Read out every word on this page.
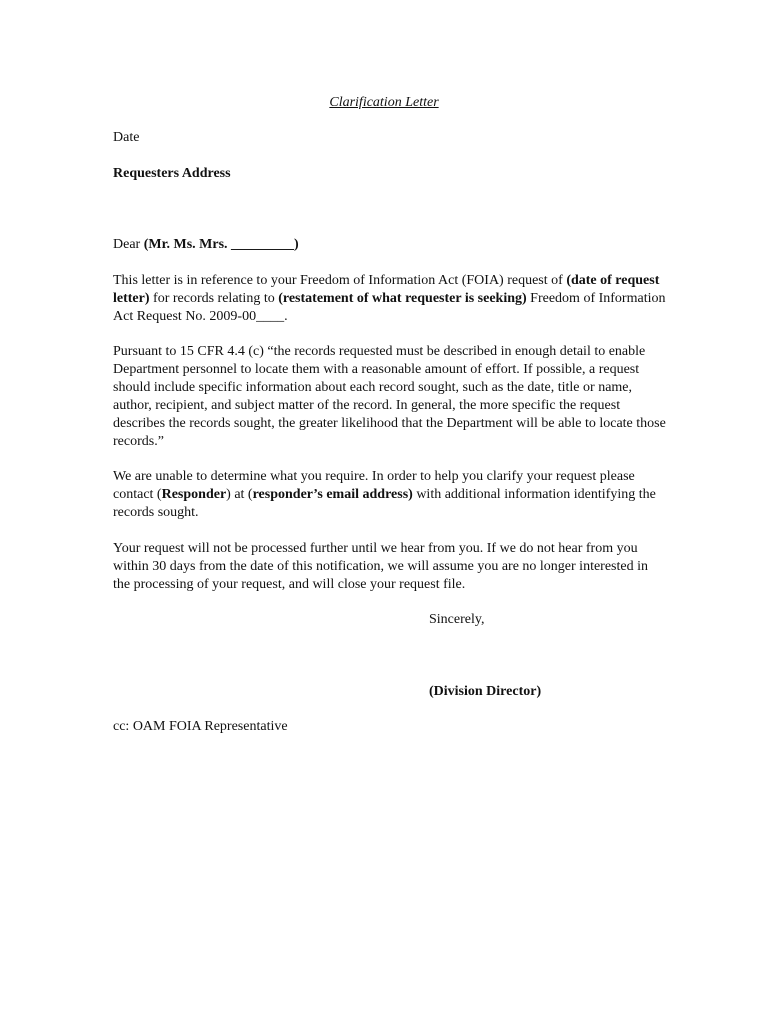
Clarification Letter

Date

Requesters Address

Dear (Mr. Ms. Mrs. _________)

This letter is in reference to your Freedom of Information Act (FOIA) request of (date of request letter) for records relating to (restatement of what requester is seeking) Freedom of Information Act Request No. 2009-00____.

Pursuant to 15 CFR 4.4 (c) “the records requested must be described in enough detail to enable Department personnel to locate them with a reasonable amount of effort. If possible, a request should include specific information about each record sought, such as the date, title or name, author, recipient, and subject matter of the record. In general, the more specific the request describes the records sought, the greater likelihood that the Department will be able to locate those records.”

We are unable to determine what you require. In order to help you clarify your request please contact (Responder) at (responder’s email address) with additional information identifying the records sought.

Your request will not be processed further until we hear from you. If we do not hear from you within 30 days from the date of this notification, we will assume you are no longer interested in the processing of your request, and will close your request file.

Sincerely,

(Division Director)

cc: OAM FOIA Representative
